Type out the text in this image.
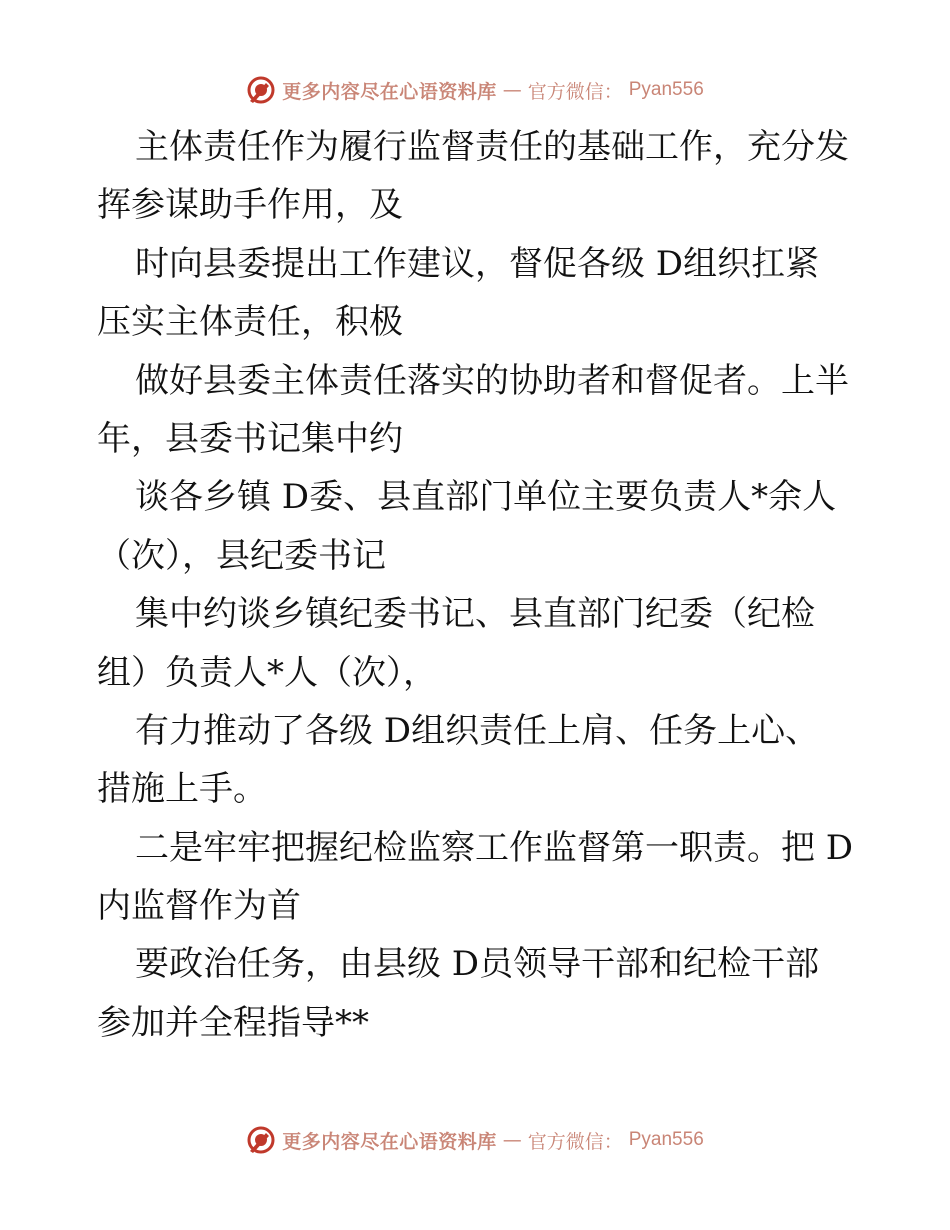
更多内容尽在心语资料库 — 官方微信： Pyan556
主体责任作为履行监督责任的基础工作，充分发
挥参谋助手作用，及
时向县委提出工作建议，督促各级 D组织扛紧
压实主体责任，积极
做好县委主体责任落实的协助者和督促者。上半
年，县委书记集中约
谈各乡镇 D委、县直部门单位主要负责人*余人
（次），县纪委书记
集中约谈乡镇纪委书记、县直部门纪委（纪检
组）负责人*人（次），
有力推动了各级 D组织责任上肩、任务上心、
措施上手。
二是牢牢把握纪检监察工作监督第一职责。把 D
内监督作为首
要政治任务，由县级 D员领导干部和纪检干部
参加并全程指导**
更多内容尽在心语资料库 — 官方微信： Pyan556
